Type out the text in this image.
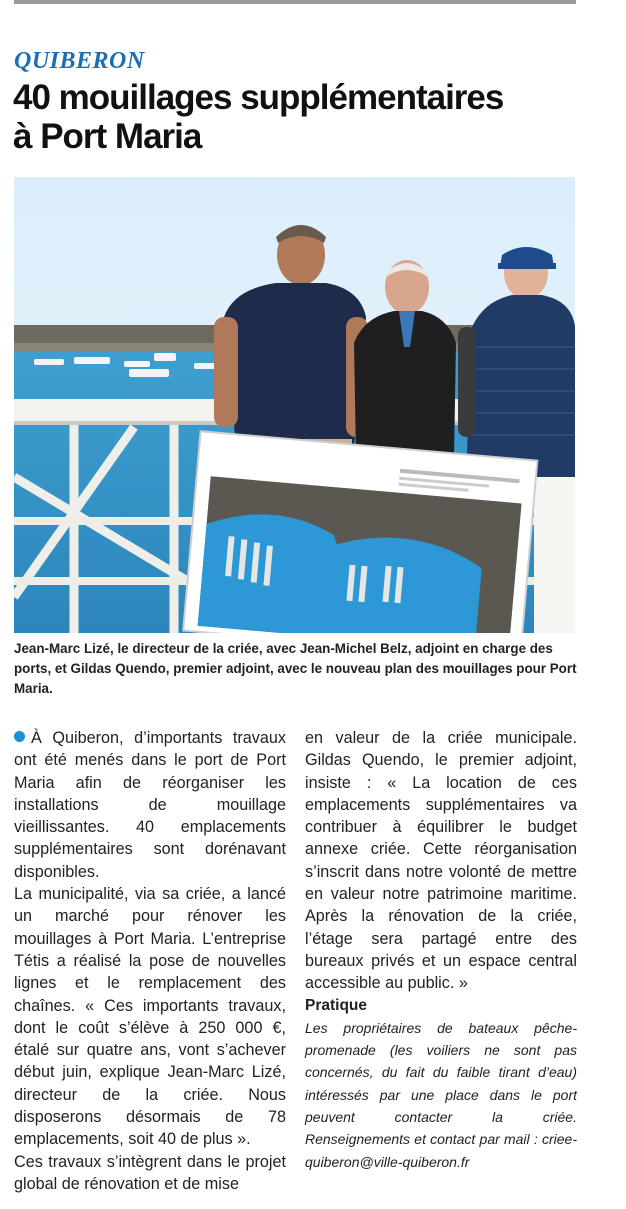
QUIBERON
40 mouillages supplémentaires
à Port Maria
Jean-Marc Lizé, le directeur de la criée, avec Jean-Michel Belz, adjoint en charge des ports, et Gildas Quendo, premier adjoint, avec le nouveau plan des mouillages pour Port Maria.

À Quiberon, d’importants travaux ont été menés dans le port de Port Maria afin de réorganiser les installations de mouillage vieillissantes. 40 emplacements supplémentaires sont dorénavant disponibles.

La municipalité, via sa criée, a lancé un marché pour rénover les mouillages à Port Maria. L’entreprise Tétis a réalisé la pose de nouvelles lignes et le remplacement des chaînes. « Ces importants travaux, dont le coût s’élève à 250 000 €, étalé sur quatre ans, vont s’achever début juin, explique Jean-Marc Lizé, directeur de la criée. Nous disposerons désormais de 78 emplacements, soit 40 de plus ».

Ces travaux s’intègrent dans le projet global de rénovation et de mise

en valeur de la criée municipale. Gildas Quendo, le premier adjoint, insiste : « La location de ces emplacements supplémentaires va contribuer à équilibrer le budget annexe criée. Cette réorganisation s’inscrit dans notre volonté de mettre en valeur notre patrimoine maritime. Après la rénovation de la criée, l’étage sera partagé entre des bureaux privés et un espace central accessible au public. »

Pratique

Les propriétaires de bateaux pêche-promenade (les voiliers ne sont pas concernés, du fait du faible tirant d’eau) intéressés par une place dans le port peuvent contacter la criée. Renseignements et contact par mail : crieequiberon@ville-quiberon.fr
